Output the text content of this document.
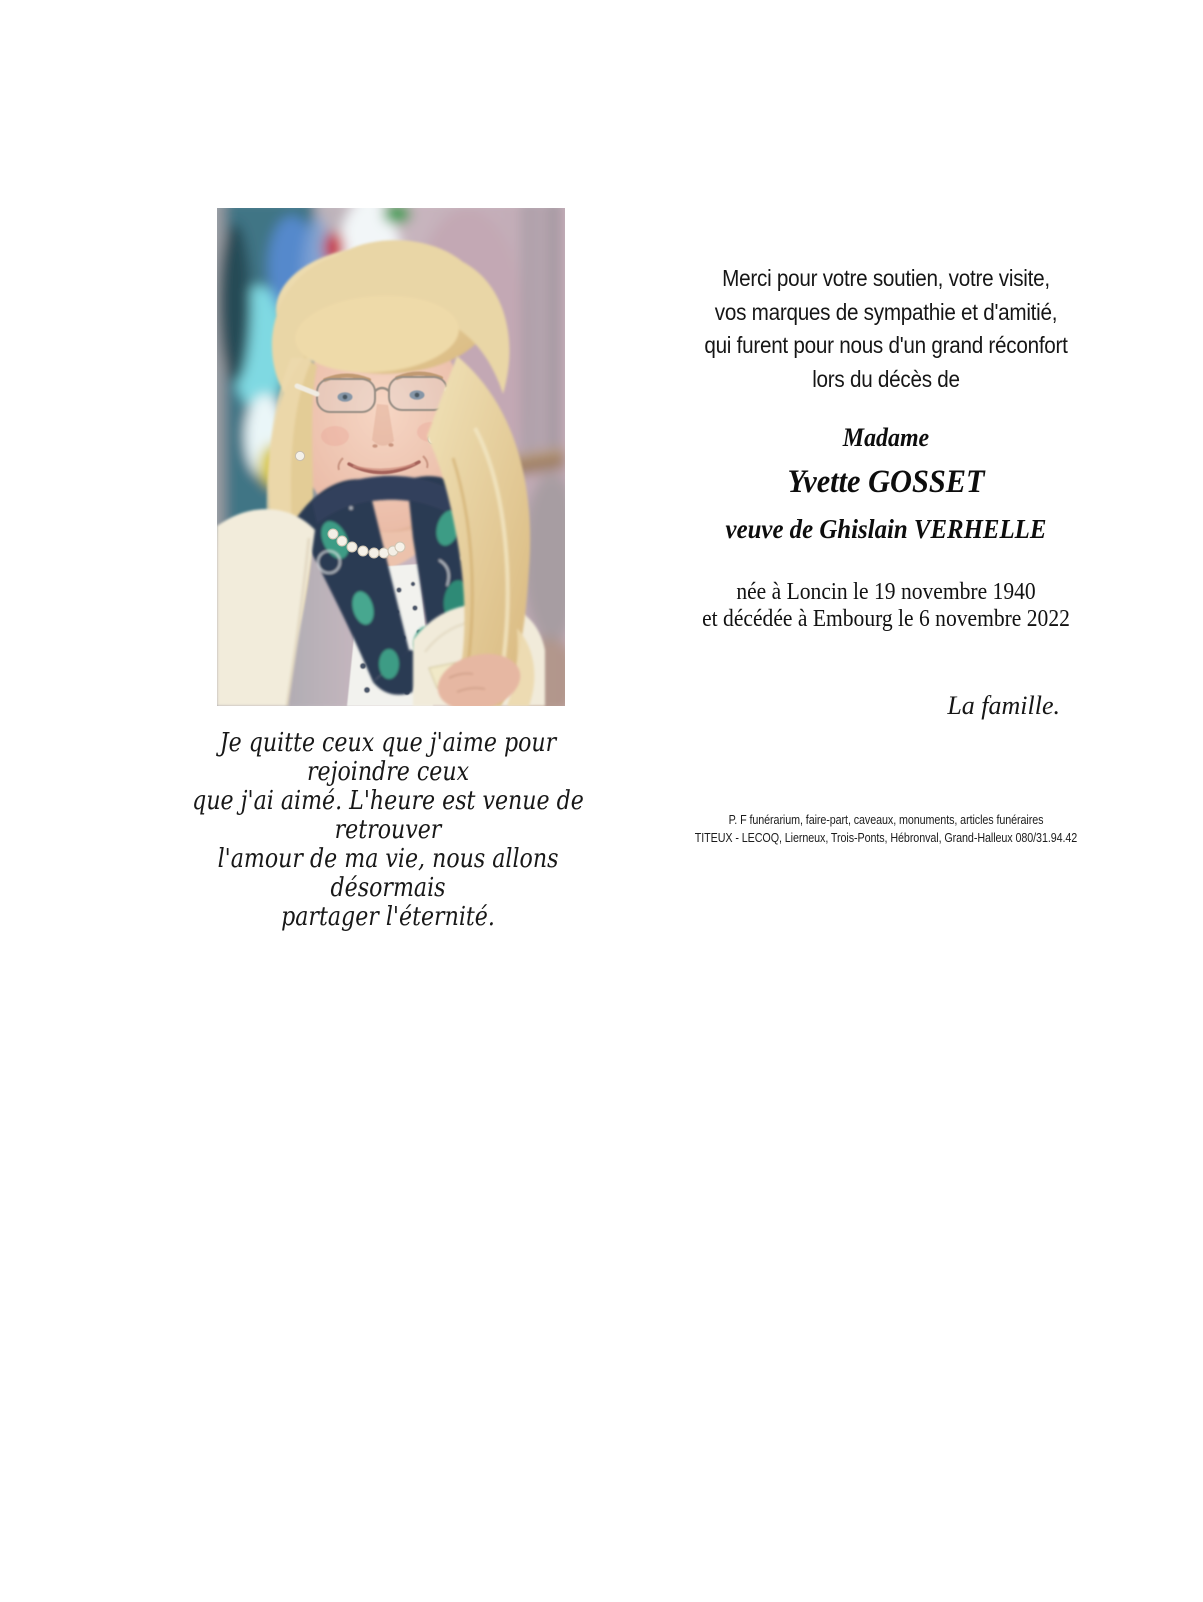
Je quitte ceux que j'aime pour rejoindre ceux
que j'ai aimé. L'heure est venue de retrouver
l'amour de ma vie, nous allons désormais
partager l'éternité.
Merci pour votre soutien, votre visite,
vos marques de sympathie et d'amitié,
qui furent pour nous d'un grand réconfort
lors du décès de
Madame
Yvette GOSSET
veuve de Ghislain VERHELLE
née à Loncin le 19 novembre 1940
et décédée à Embourg le 6 novembre 2022
La famille.
P. F funérarium, faire-part, caveaux, monuments, articles funéraires
TITEUX - LECOQ, Lierneux, Trois-Ponts, Hébronval, Grand-Halleux 080/31.94.42
